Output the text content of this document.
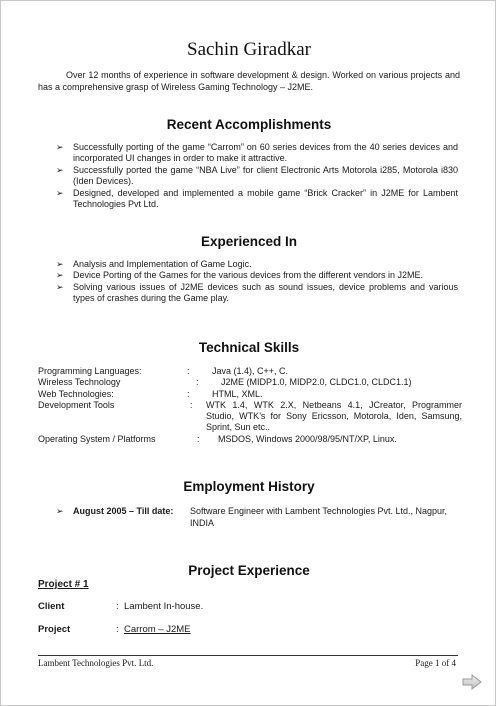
Sachin Giradkar
Over 12 months of experience in software development & design. Worked on various projects and has a comprehensive grasp of Wireless Gaming Technology – J2ME.
Recent Accomplishments
➢ Successfully porting of the game “Carrom” on 60 series devices from the 40 series devices and incorporated UI changes in order to make it attractive.
➢ Successfully ported the game “NBA Live” for client Electronic Arts Motorola i285, Motorola i830 (Iden Devices).
➢ Designed, developed and implemented a mobile game “Brick Cracker” in J2ME for Lambent Technologies Pvt Ltd.
Experienced In
➢ Analysis and Implementation of Game Logic.
➢ Device Porting of the Games for the various devices from the different vendors in J2ME.
➢ Solving various issues of J2ME devices such as sound issues, device problems and various types of crashes during the Game play.
Technical Skills
Programming Languages:	: Java (1.4), C++, C.
Wireless Technology	: J2ME (MIDP1.0, MIDP2.0, CLDC1.0, CLDC1.1)
Web Technologies:	: HTML, XML.
Development Tools	: WTK 1.4, WTK 2.X, Netbeans 4.1, JCreator, Programmer Studio, WTK’s for Sony Ericsson, Motorola, Iden, Samsung, Sprint, Sun etc..
Operating System / Platforms	: MSDOS, Windows 2000/98/95/NT/XP, Linux.
Employment History
➢ August 2005 – Till date: Software Engineer with Lambent Technologies Pvt. Ltd., Nagpur, INDIA
Project Experience
Project # 1
Client	: Lambent In-house.
Project	: Carrom – J2ME
Lambent Technologies Pvt. Ltd.	Page 1 of 4
